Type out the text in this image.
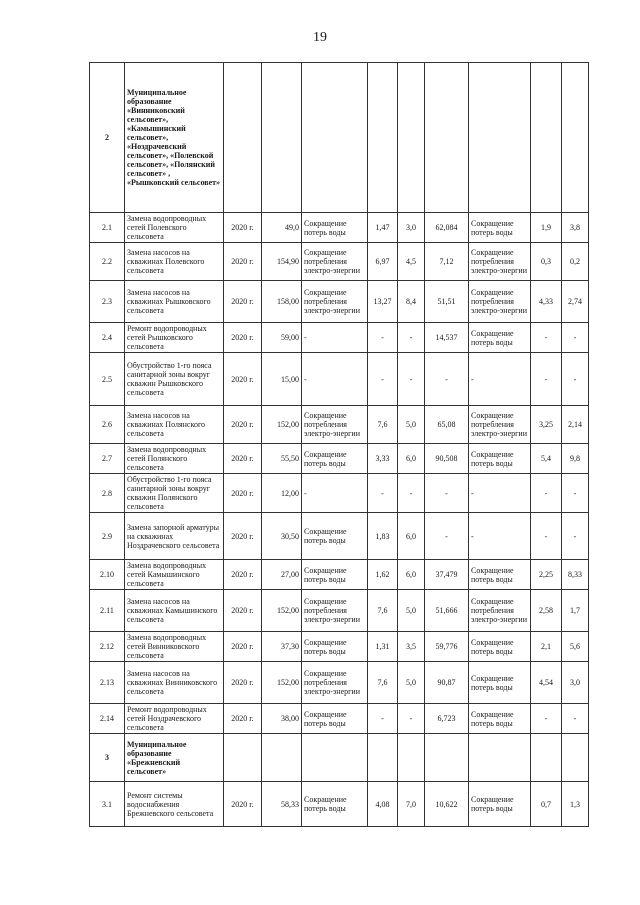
19
2	Муниципальное образование «Винниковский сельсовет», «Камышинский сельсовет», «Ноздрачевский сельсовет», «Полевской сельсовет», «Полянский сельсовет» , «Рышковский сельсовет»									
2.1	Замена водопроводных сетей Полевского сельсовета	2020 г.	49,0	Сокращение потерь воды	1,47	3,0	62,084	Сокращение потерь воды	1,9	3,8
2.2	Замена насосов на скважинах Полевского сельсовета	2020 г.	154,90	Сокращение потребления электро-энергии	6,97	4,5	7,12	Сокращение потребления электро-энергии	0,3	0,2
2.3	Замена насосов на скважинах Рышковского сельсовета	2020 г.	158,00	Сокращение потребления электро-энергии	13,27	8,4	51,51	Сокращение потребления электро-энергии	4,33	2,74
2.4	Ремонт водопроводных сетей Рышковского сельсовета	2020 г.	59,00	-	-	-	14,537	Сокращение потерь воды	-	-
2.5	Обустройство 1-го пояса санитарной зоны вокруг скважин Рышковского сельсовета	2020 г.	15,00	-	-	-	-	-	-	-
2.6	Замена насосов на скважинах Полянского сельсовета	2020 г.	152,00	Сокращение потребления электро-энергии	7,6	5,0	65,08	Сокращение потребления электро-энергии	3,25	2,14
2.7	Замена водопроводных сетей Полянского сельсовета	2020 г.	55,50	Сокращение потерь воды	3,33	6,0	90,508	Сокращение потерь воды	5,4	9,8
2.8	Обустройство 1-го пояса санитарной зоны вокруг скважин Полянского сельсовета	2020 г.	12,00	-	-	-	-	-	-	-
2.9	Замена запорной арматуры на скважинах Ноздрачевского сельсовета	2020 г.	30,50	Сокращение потерь воды	1,83	6,0	-	-	-	-
2.10	Замена водопроводных сетей Камышинского сельсовета	2020 г.	27,00	Сокращение потерь воды	1,62	6,0	37,479	Сокращение потерь воды	2,25	8,33
2.11	Замена насосов на скважинах Камышинского сельсовета	2020 г.	152,00	Сокращение потребления электро-энергии	7,6	5,0	51,666	Сокращение потребления электро-энергии	2,58	1,7
2.12	Замена водопроводных сетей Винниковского сельсовета	2020 г.	37,30	Сокращение потерь воды	1,31	3,5	59,776	Сокращение потерь воды	2,1	5,6
2.13	Замена насосов на скважинах Винниковского сельсовета	2020 г.	152,00	Сокращение потребления электро-энергии	7,6	5,0	90,87	Сокращение потерь воды	4,54	3,0
2.14	Ремонт водопроводных сетей Ноздрачевского сельсовета	2020 г.	38,00	Сокращение потерь воды	-	-	6,723	Сокращение потерь воды	-	-
3	Муниципальное образование «Брежневский сельсовет»									
3.1	Ремонт системы водоснабжения Брежневского сельсовета	2020 г.	58,33	Сокращение потерь воды	4,08	7,0	10,622	Сокращение потерь воды	0,7	1,3
